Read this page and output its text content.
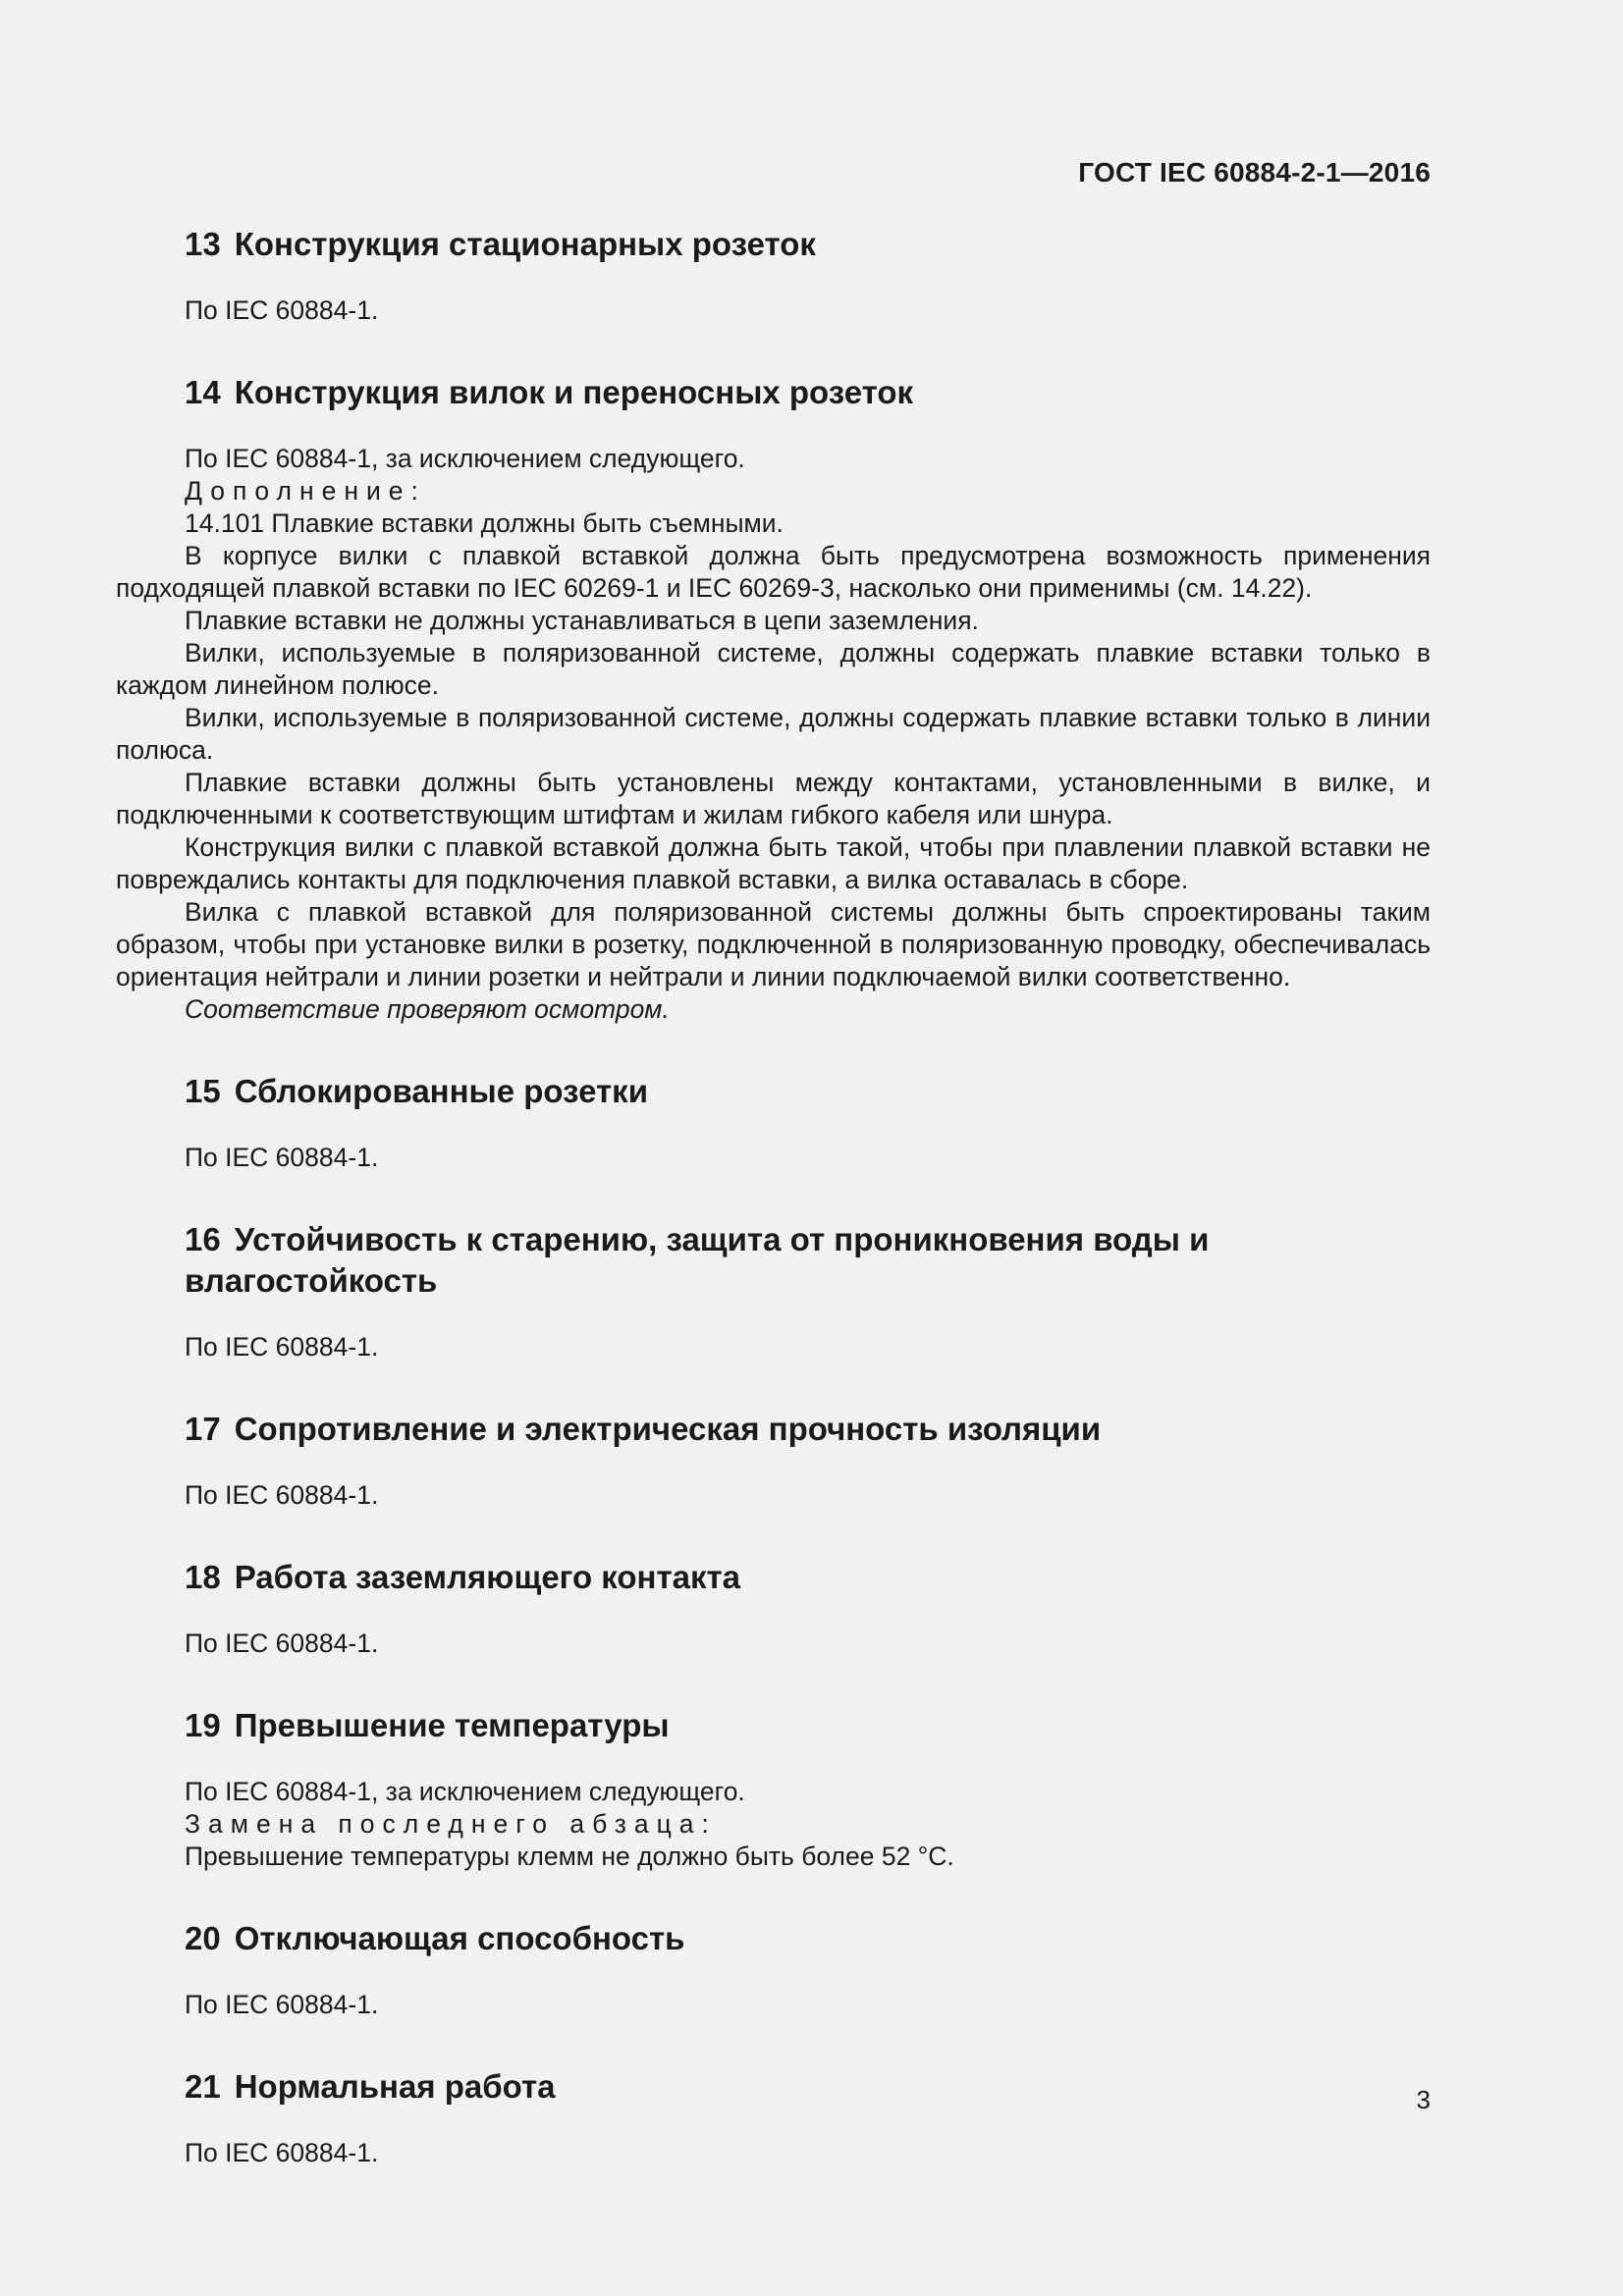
ГОСТ IEC 60884-2-1—2016
13 Конструкция стационарных розеток

По IEC 60884-1.

14 Конструкция вилок и переносных розеток

По IEC 60884-1, за исключением следующего.

Дополнение:

14.101 Плавкие вставки должны быть съемными.

В корпусе вилки с плавкой вставкой должна быть предусмотрена возможность применения подходящей плавкой вставки по IEC 60269-1 и IEC 60269-3, насколько они применимы (см. 14.22).

Плавкие вставки не должны устанавливаться в цепи заземления.

Вилки, используемые в поляризованной системе, должны содержать плавкие вставки только в каждом линейном полюсе.

Вилки, используемые в поляризованной системе, должны содержать плавкие вставки только в линии полюса.

Плавкие вставки должны быть установлены между контактами, установленными в вилке, и подключенными к соответствующим штифтам и жилам гибкого кабеля или шнура.

Конструкция вилки с плавкой вставкой должна быть такой, чтобы при плавлении плавкой вставки не повреждались контакты для подключения плавкой вставки, а вилка оставалась в сборе.

Вилка с плавкой вставкой для поляризованной системы должны быть спроектированы таким образом, чтобы при установке вилки в розетку, подключенной в поляризованную проводку, обеспечивалась ориентация нейтрали и линии розетки и нейтрали и линии подключаемой вилки соответственно.

Соответствие проверяют осмотром.

15 Сблокированные розетки

По IEC 60884-1.

16 Устойчивость к старению, защита от проникновения воды и влагостойкость

По IEC 60884-1.

17 Сопротивление и электрическая прочность изоляции

По IEC 60884-1.

18 Работа заземляющего контакта

По IEC 60884-1.

19 Превышение температуры

По IEC 60884-1, за исключением следующего.

Замена последнего абзаца:

Превышение температуры клемм не должно быть более 52 °С.

20 Отключающая способность

По IEC 60884-1.

21 Нормальная работа

По IEC 60884-1.

3
